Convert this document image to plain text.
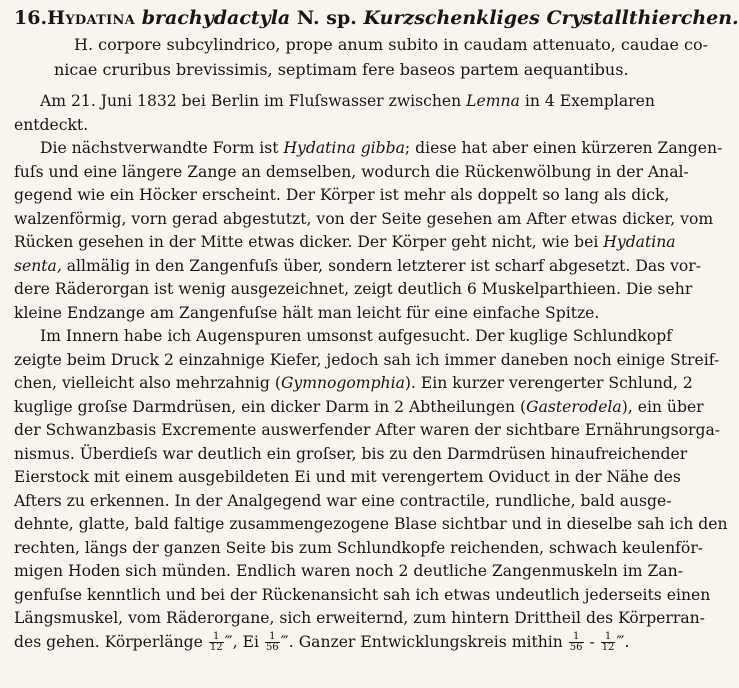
16.Hydatina brachydactyla N. sp. Kurzschenkliges Crystallthierchen.
H. corpore subcylindrico, prope anum subito in caudam attenuato, caudae co-
nicae cruribus brevissimis, septimam fere baseos partem aequantibus.

Am 21. Juni 1832 bei Berlin im Fluſswasser zwischen Lemna in 4 Exemplaren
entdeckt.

Die nächstverwandte Form ist Hydatina gibba; diese hat aber einen kürzeren Zangen-
fuſs und eine längere Zange an demselben, wodurch die Rückenwölbung in der Anal-
gegend wie ein Höcker erscheint. Der Körper ist mehr als doppelt so lang als dick,
walzenförmig, vorn gerad abgestutzt, von der Seite gesehen am After etwas dicker, vom
Rücken gesehen in der Mitte etwas dicker. Der Körper geht nicht, wie bei Hydatina
senta, allmälig in den Zangenfuſs über, sondern letzterer ist scharf abgesetzt. Das vor-
dere Räderorgan ist wenig ausgezeichnet, zeigt deutlich 6 Muskelparthieen. Die sehr
kleine Endzange am Zangenfuſse hält man leicht für eine einfache Spitze.

Im Innern habe ich Augenspuren umsonst aufgesucht. Der kuglige Schlundkopf
zeigte beim Druck 2 einzahnige Kiefer, jedoch sah ich immer daneben noch einige Streif-
chen, vielleicht also mehrzahnig (Gymnogomphia). Ein kurzer verengerter Schlund, 2
kuglige groſse Darmdrüsen, ein dicker Darm in 2 Abtheilungen (Gasterodela), ein über
der Schwanzbasis Excremente auswerfender After waren der sichtbare Ernährungsorga-
nismus. Überdieſs war deutlich ein groſser, bis zu den Darmdrüsen hinaufreichender
Eierstock mit einem ausgebildeten Ei und mit verengertem Oviduct in der Nähe des
Afters zu erkennen. In der Analgegend war eine contractile, rundliche, bald ausge-
dehnte, glatte, bald faltige zusammengezogene Blase sichtbar und in dieselbe sah ich den
rechten, längs der ganzen Seite bis zum Schlundkopfe reichenden, schwach keulenför-
migen Hoden sich münden. Endlich waren noch 2 deutliche Zangenmuskeln im Zan-
genfuſse kenntlich und bei der Rückenansicht sah ich etwas undeutlich jederseits einen
Längsmuskel, vom Räderorgane, sich erweiternd, zum hintern Drittheil des Körperran-
des gehen. Körperlänge $\frac{1}{12}$ ‴, Ei $\frac{1}{56}$ ‴. Ganzer Entwicklungskreis mithin $\frac{1}{56} - \frac{1}{12}$ ‴.
